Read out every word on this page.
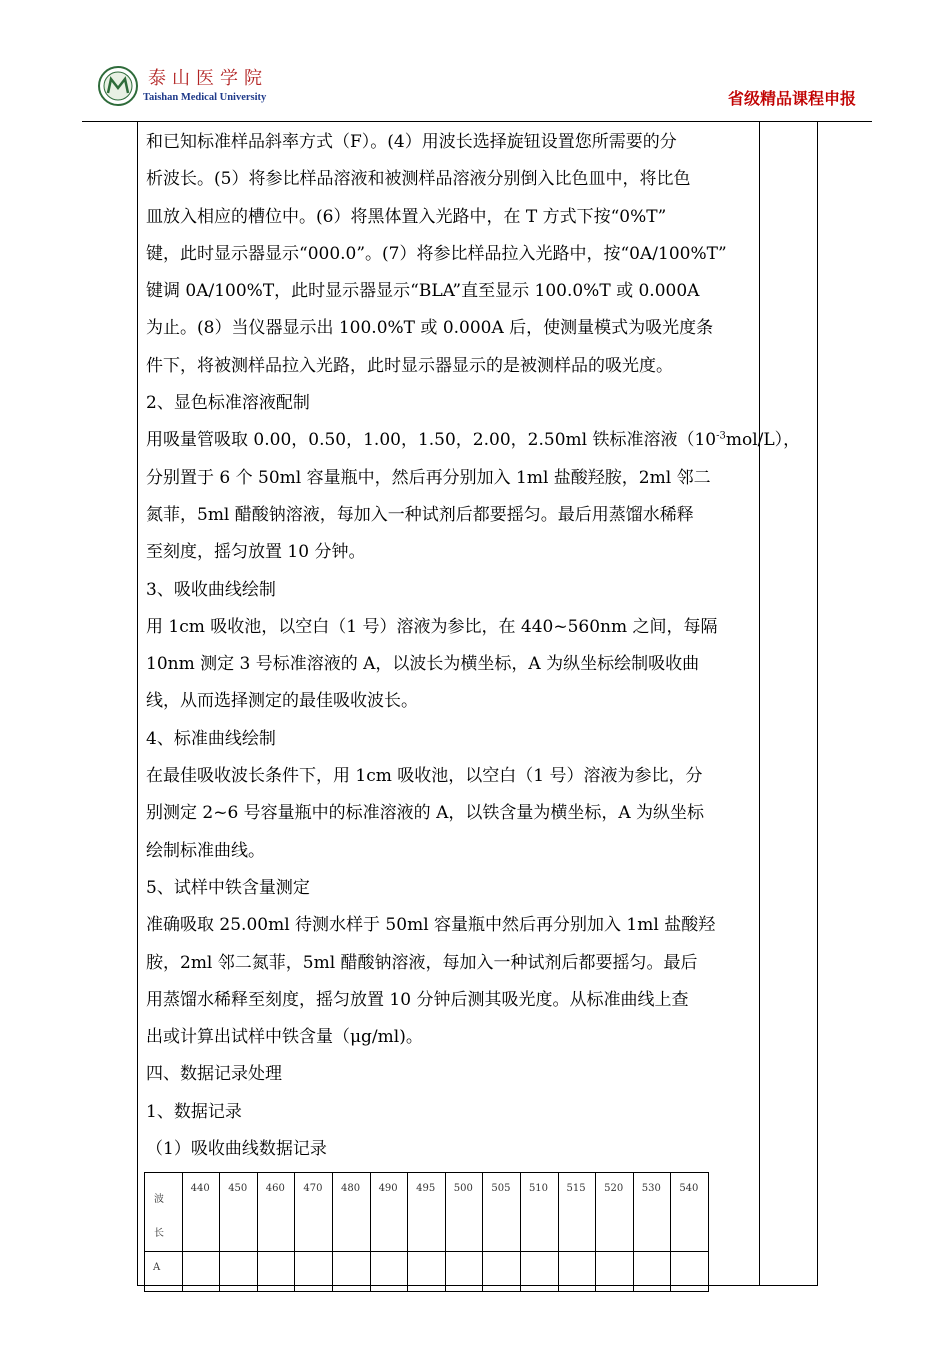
泰山医学院
Taishan Medical University	省级精品课程申报

和已知标准样品斜率方式（F）。(4）用波长选择旋钮设置您所需要的分

析波长。(5）将参比样品溶液和被测样品溶液分别倒入比色皿中，将比色

皿放入相应的槽位中。(6）将黑体置入光路中，在 T 方式下按“0%T”

键，此时显示器显示“000.0”。(7）将参比样品拉入光路中，按“0A/100%T”

键调 0A/100%T，此时显示器显示“BLA”直至显示 100.0%T 或 0.000A

为止。(8）当仪器显示出 100.0%T 或 0.000A 后，使测量模式为吸光度条

件下，将被测样品拉入光路，此时显示器显示的是被测样品的吸光度。

2、显色标准溶液配制

用吸量管吸取 0.00，0.50，1.00，1.50，2.00，2.50ml 铁标准溶液$(10^{-3}mol/L)$，

分别置于 6 个 50ml 容量瓶中，然后再分别加入 1ml 盐酸羟胺，2ml 邻二

氮菲，5ml 醋酸钠溶液，每加入一种试剂后都要摇匀。最后用蒸馏水稀释

至刻度，摇匀放置 10 分钟。

3、吸收曲线绘制

用 1cm 吸收池，以空白（1 号）溶液为参比，在 440~560nm 之间，每隔

10nm 测定 3 号标准溶液的 A，以波长为横坐标，A 为纵坐标绘制吸收曲

线，从而选择测定的最佳吸收波长。

4、标准曲线绘制

在最佳吸收波长条件下，用 1cm 吸收池，以空白（1 号）溶液为参比，分

别测定 2~6 号容量瓶中的标准溶液的 A，以铁含量为横坐标，A 为纵坐标

绘制标准曲线。

5、试样中铁含量测定

准确吸取 25.00ml 待测水样于 50ml 容量瓶中然后再分别加入 1ml 盐酸羟

胺，2ml 邻二氮菲，5ml 醋酸钠溶液，每加入一种试剂后都要摇匀。最后

用蒸馏水稀释至刻度，摇匀放置 10 分钟后测其吸光度。从标准曲线上查

出或计算出试样中铁含量（μg/ml)。

四、数据记录处理

1、数据记录

（1）吸收曲线数据记录

波
长	440	450	460	470	480	490	495	500	505	510	515	520	530	540
A														
